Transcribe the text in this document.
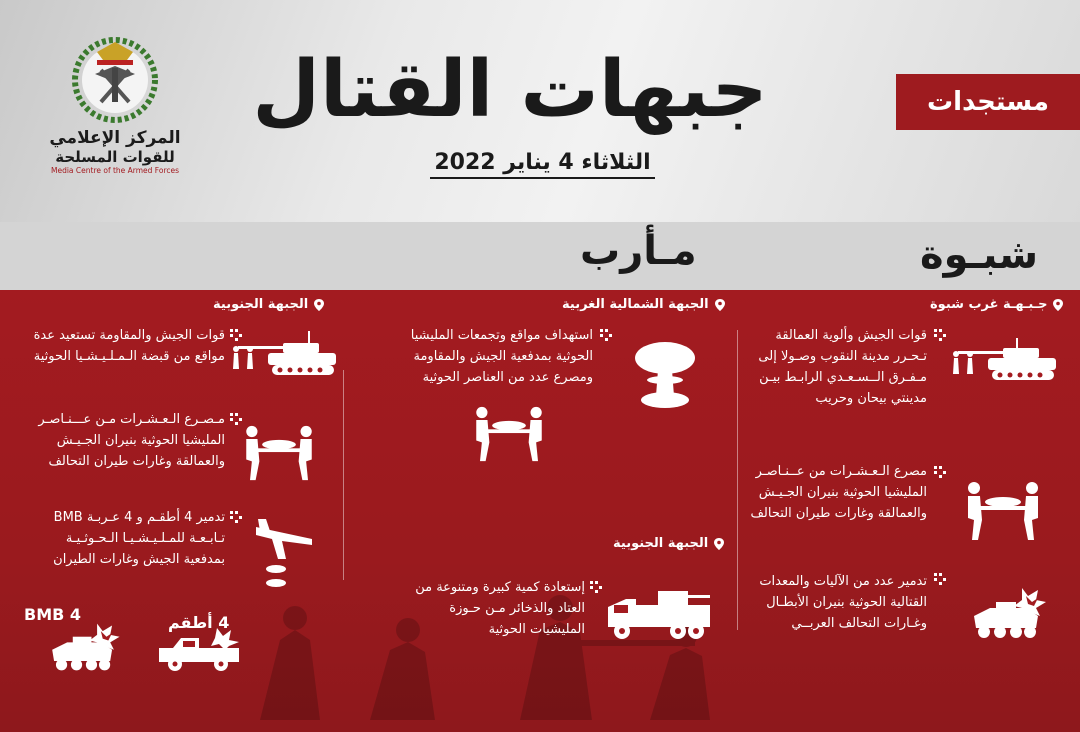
المركز الإعلامي
للقوات المسلحة
Media Centre of the Armed Forces
جبهات القتال
الثلاثاء 4 يناير 2022
مستجدات
شبـوة
مـأرب
جـبـهـة غرب شبوة
قوات الجيش وألوية العمالقة تـحـرر مدينة النقوب وصـولا إلى مـفـرق الــسـعـدي الرابـط بيـن مدينتي بيحان وحريب
مصرع الـعـشـرات من عــنـاصـر المليشيا الحوثية بنيران الجـيـش والعمالقة وغارات طيران التحالف
تدمير عدد من الآليات والمعدات القتالية الحوثية بنيران الأبطـال وغـارات التحالف العربــي
الجبهة الشمالية الغربية
استهداف مواقع وتجمعات المليشيا الحوثية بمدفعية الجيش والمقاومة ومصرع عدد من العناصر الحوثية
الجبهة الجنوبية
إستعادة كمية كبيرة ومتنوعة من العتاد والذخائر مـن حـوزة المليشيات الحوثية
الجبهة الجنوبية
قوات الجيش والمقاومة تستعيد عدة مواقع من قبضة الـمـلـيـشـيا الحوثية
مـصـرع الـعـشـرات مـن عـــنـاصـر المليشيا الحوثية بنيران الجـيـش والعمالقة وغارات طيران التحالف
تدمير 4 أطقـم و 4 عـربـة BMB تـابـعـة للمـلـيـشـيـا الـحـوثـيـة بمدفعية الجيش وغارات الطيران
BMB 4	4 أطقم
